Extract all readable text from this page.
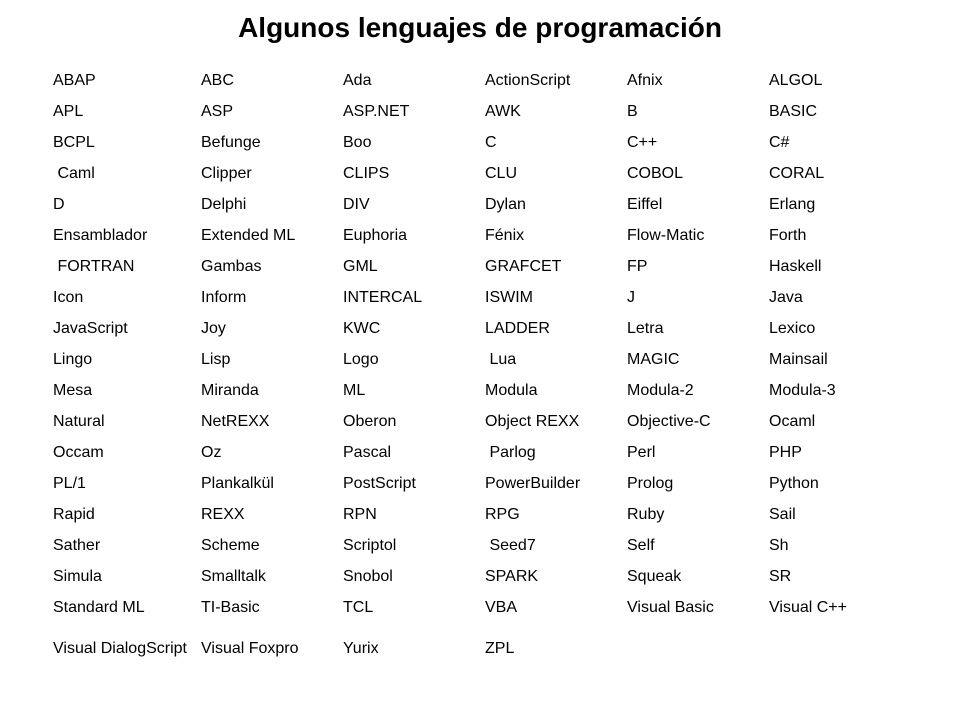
Algunos lenguajes de programación
ABAP	ABC	Ada	ActionScript	Afnix	ALGOL
APL	ASP	ASP.NET	AWK	B	BASIC
BCPL	Befunge	Boo	C	C++	C#
Caml	Clipper	CLIPS	CLU	COBOL	CORAL
D	Delphi	DIV	Dylan	Eiffel	Erlang
Ensamblador	Extended ML	Euphoria	Fénix	Flow-Matic	Forth
FORTRAN	Gambas	GML	GRAFCET	FP	Haskell
Icon	Inform	INTERCAL	ISWIM	J	Java
JavaScript	Joy	KWC	LADDER	Letra	Lexico
Lingo	Lisp	Logo	Lua	MAGIC	Mainsail
Mesa	Miranda	ML	Modula	Modula-2	Modula-3
Natural	NetREXX	Oberon	Object REXX	Objective-C	Ocaml
Occam	Oz	Pascal	Parlog	Perl	PHP
PL/1	Plankalkül	PostScript	PowerBuilder	Prolog	Python
Rapid	REXX	RPN	RPG	Ruby	Sail
Sather	Scheme	Scriptol	Seed7	Self	Sh
Simula	Smalltalk	Snobol	SPARK	Squeak	SR
Standard ML	TI-Basic	TCL	VBA	Visual Basic	Visual C++
Visual DialogScript	Visual Foxpro	Yurix	ZPL		
